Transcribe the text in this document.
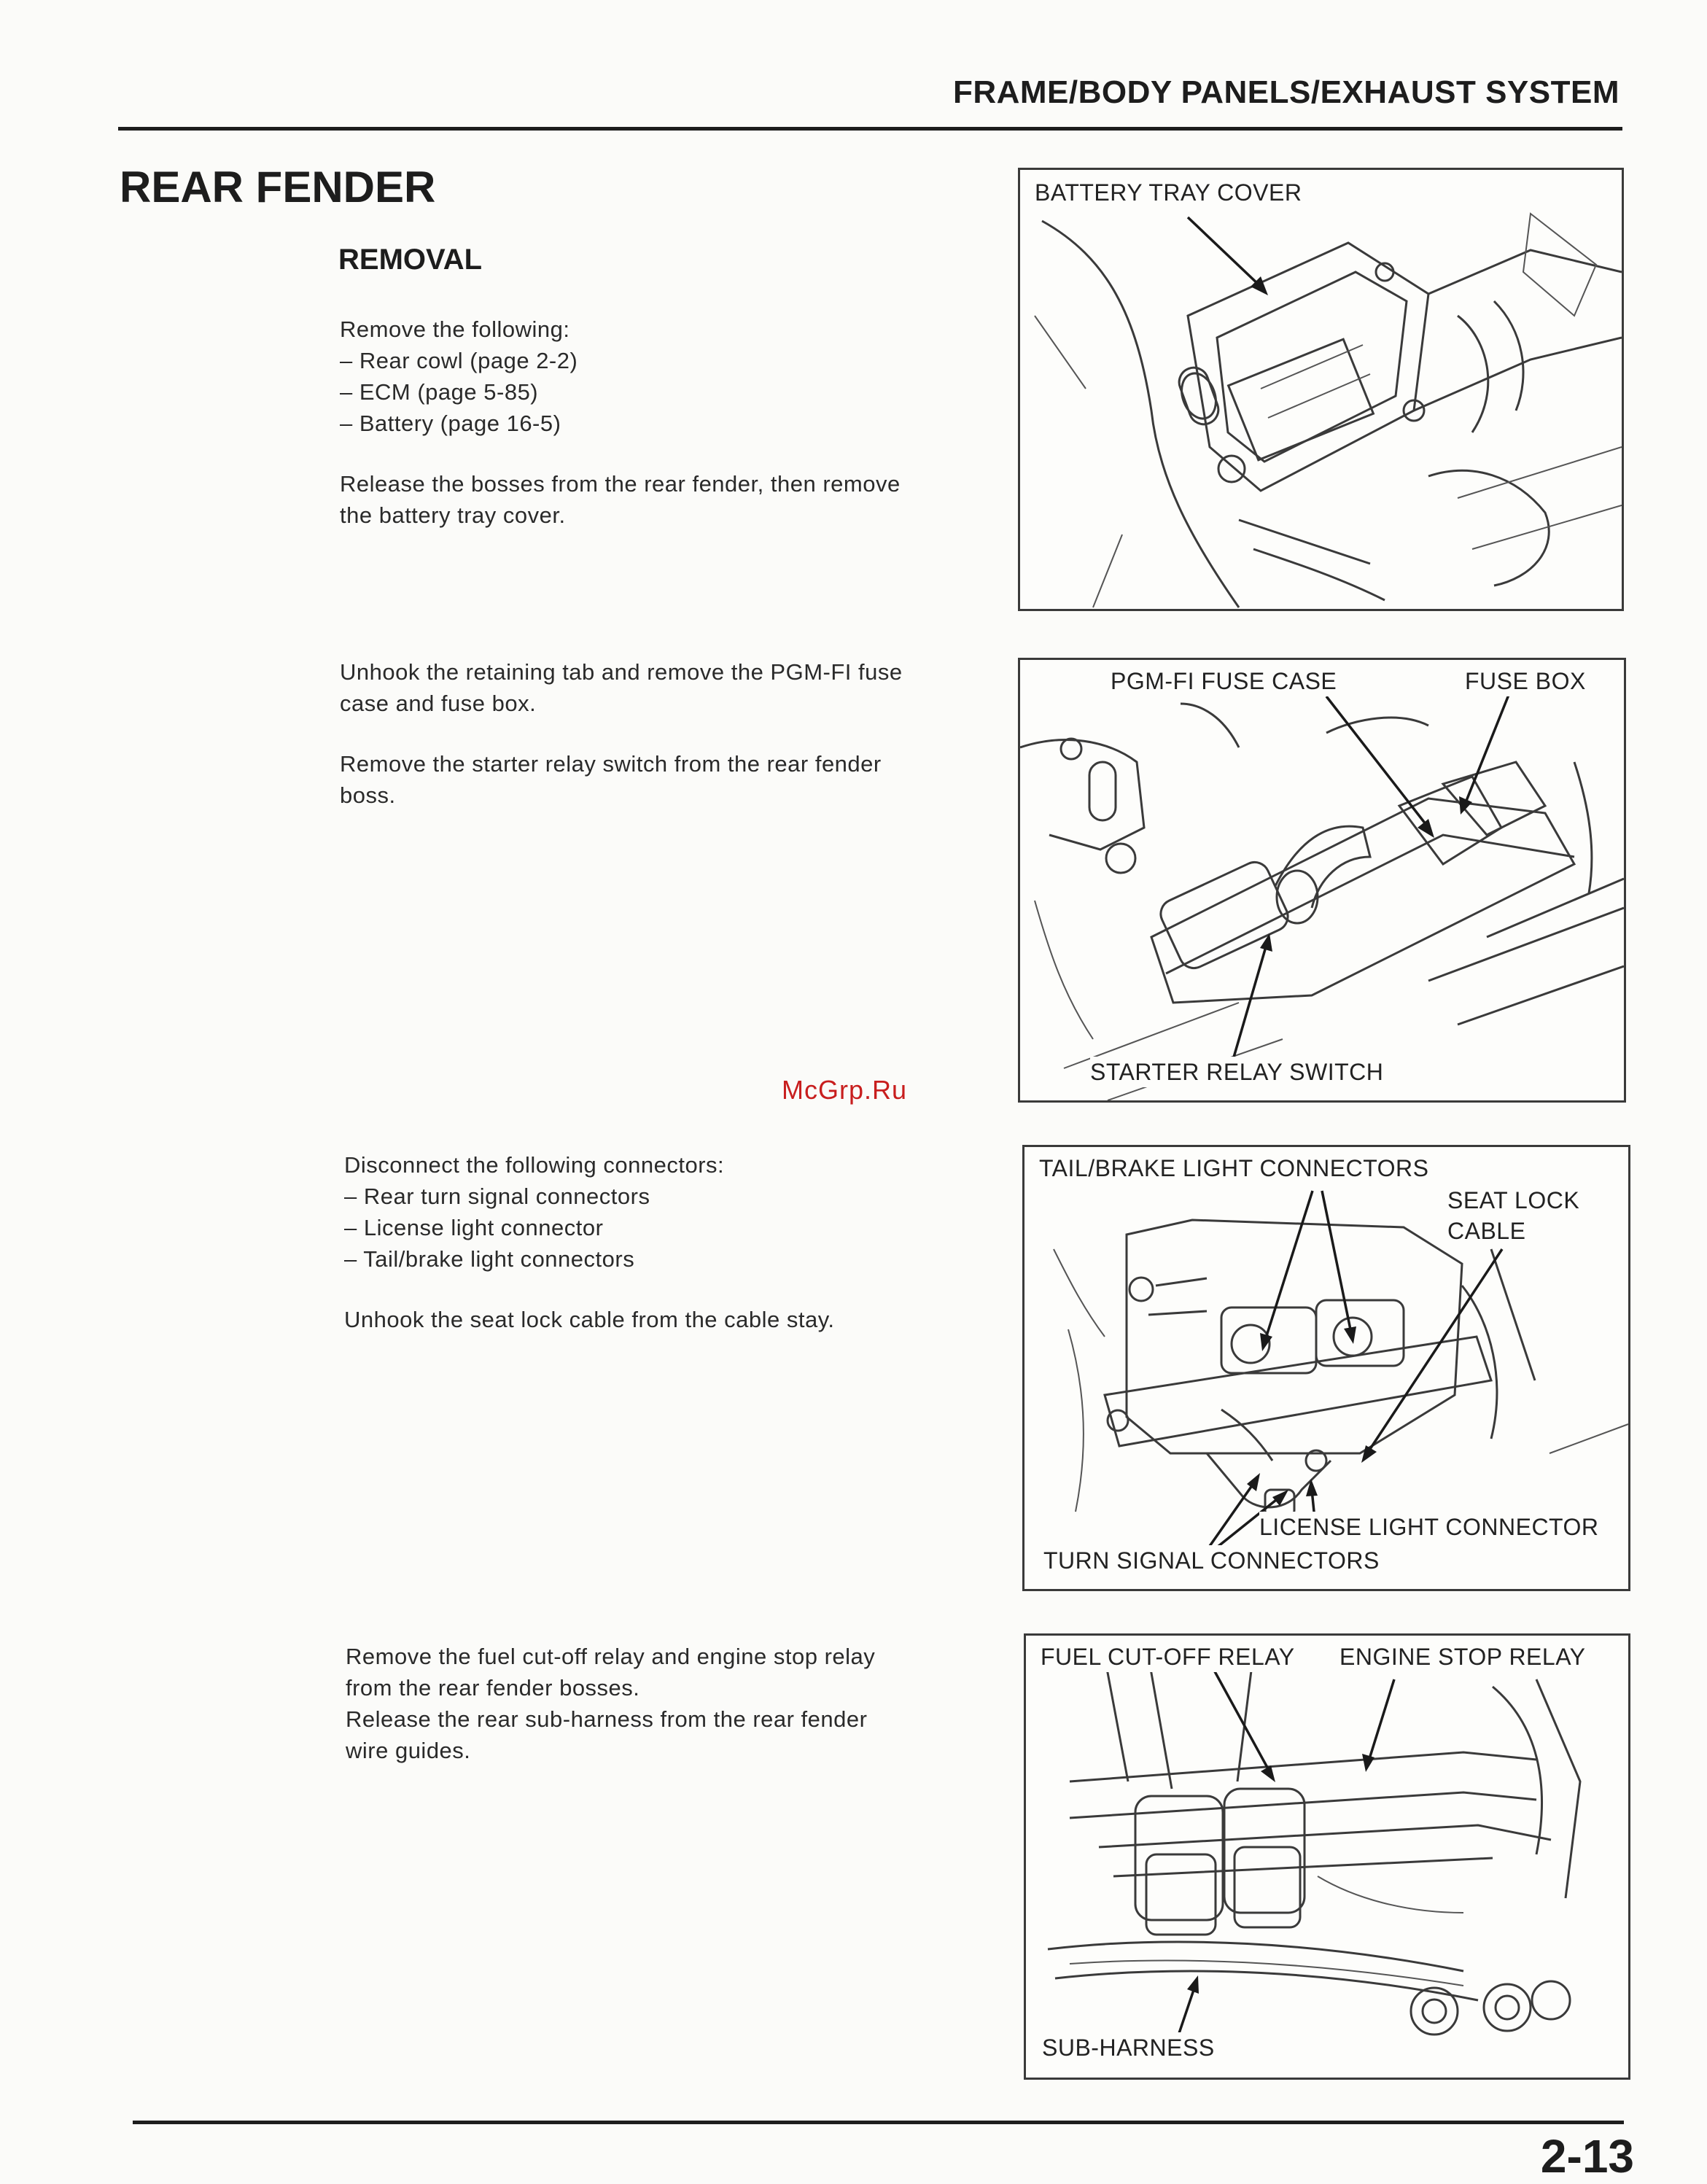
FRAME/BODY PANELS/EXHAUST SYSTEM
REAR FENDER
REMOVAL

Remove the following:

– Rear cowl (page 2-2)
– ECM (page 5-85)
– Battery (page 16-5)

Release the bosses from the rear fender, then remove

the battery tray cover.

Unhook the retaining tab and remove the PGM-FI fuse

case and fuse box.

Remove the starter relay switch from the rear fender

boss.

McGrp.Ru

Disconnect the following connectors:

– Rear turn signal connectors
– License light connector
– Tail/brake light connectors

Unhook the seat lock cable from the cable stay.

Remove the fuel cut-off relay and engine stop relay

from the rear fender bosses.

Release the rear sub-harness from the rear fender

wire guides.

BATTERY TRAY COVER
PGM-FI FUSE CASE	FUSE BOX
STARTER RELAY SWITCH
TAIL/BRAKE LIGHT CONNECTORS
SEAT LOCK
CABLE
LICENSE LIGHT CONNECTOR
TURN SIGNAL CONNECTORS
FUEL CUT-OFF RELAY ENGINE STOP RELAY
SUB-HARNESS
2-13
